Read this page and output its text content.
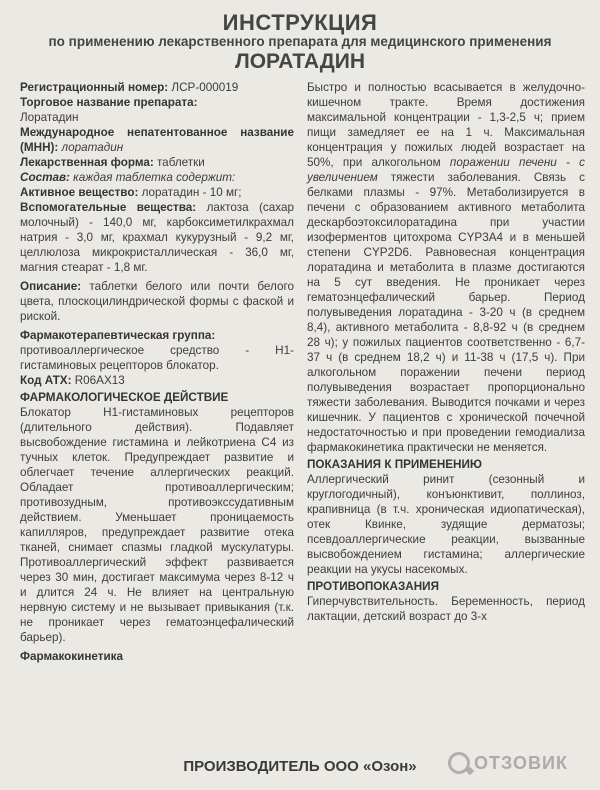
ИНСТРУКЦИЯ
по применению лекарственного препарата для медицинского применения
ЛОРАТАДИН

Регистрационный номер: ЛСР-000019

Торговое название препарата:

Лоратадин

Международное непатентованное название (МНН): лоратадин

Лекарственная форма: таблетки

Состав: каждая таблетка содержит:

Активное вещество: лоратадин - 10 мг;

Вспомогательные вещества: лактоза (сахар молочный) - 140,0 мг, карбоксиметилкрахмал натрия - 3,0 мг, крахмал кукурузный - 9,2 мг, целлюлоза микрокристаллическая - 36,0 мг, магния стеарат - 1,8 мг.

Описание: таблетки белого или почти белого цвета, плоскоцилиндрической формы с фаской и риской.

Фармакотерапевтическая группа:

противоаллергическое средство - Н1-гистаминовых рецепторов блокатор.

Код АТХ: R06AX13

ФАРМАКОЛОГИЧЕСКОЕ ДЕЙСТВИЕ

Блокатор Н1-гистаминовых рецепторов (длительного действия). Подавляет высвобождение гистамина и лейкотриена С4 из тучных клеток. Предупреждает развитие и облегчает течение аллергических реакций. Обладает противоаллергическим; противозудным, противоэкссудативным действием. Уменьшает проницаемость капилляров, предупреждает развитие отека тканей, снимает спазмы гладкой мускулатуры. Противоаллергический эффект развивается через 30 мин, достигает максимума через 8-12 ч и длится 24 ч. Не влияет на центральную нервную систему и не вызывает привыкания (т.к. не проникает через гематоэнцефалический барьер).

Фармакокинетика

Быстро и полностью всасывается в желудочно-кишечном тракте. Время достижения максимальной концентрации - 1,3-2,5 ч; прием пищи замедляет ее на 1 ч. Максимальная концентрация у пожилых людей возрастает на 50%, при алкогольном поражении печени - с увеличением тяжести заболевания. Связь с белками плазмы - 97%. Метаболизируется в печени с образованием активного метаболита дескарбоэтоксилоратадина при участии изоферментов цитохрома CYP3A4 и в меньшей степени CYP2D6. Равновесная концентрация лоратадина и метаболита в плазме достигаются на 5 сут введения. Не проникает через гематоэнцефалический барьер. Период полувыведения лоратадина - 3-20 ч (в среднем 8,4), активного метаболита - 8,8-92 ч (в среднем 28 ч); у пожилых пациентов соответственно - 6,7-37 ч (в среднем 18,2 ч) и 11-38 ч (17,5 ч). При алкогольном поражении печени период полувыведения возрастает пропорционально тяжести заболевания. Выводится почками и через кишечник. У пациентов с хронической почечной недостаточностью и при проведении гемодиализа фармакокинетика практически не меняется.

ПОКАЗАНИЯ К ПРИМЕНЕНИЮ

Аллергический ринит (сезонный и круглогодичный), конъюнктивит, поллиноз, крапивница (в т.ч. хроническая идиопатическая), отек Квинке, зудящие дерматозы; псевдоаллергические реакции, вызванные высвобождением гистамина; аллергические реакции на укусы насекомых.

ПРОТИВОПОКАЗАНИЯ

Гиперчувствительность. Беременность, период лактации, детский возраст до 3-х

ПРОИЗВОДИТЕЛЬ ООО «Озон»	ОТЗОВИК
